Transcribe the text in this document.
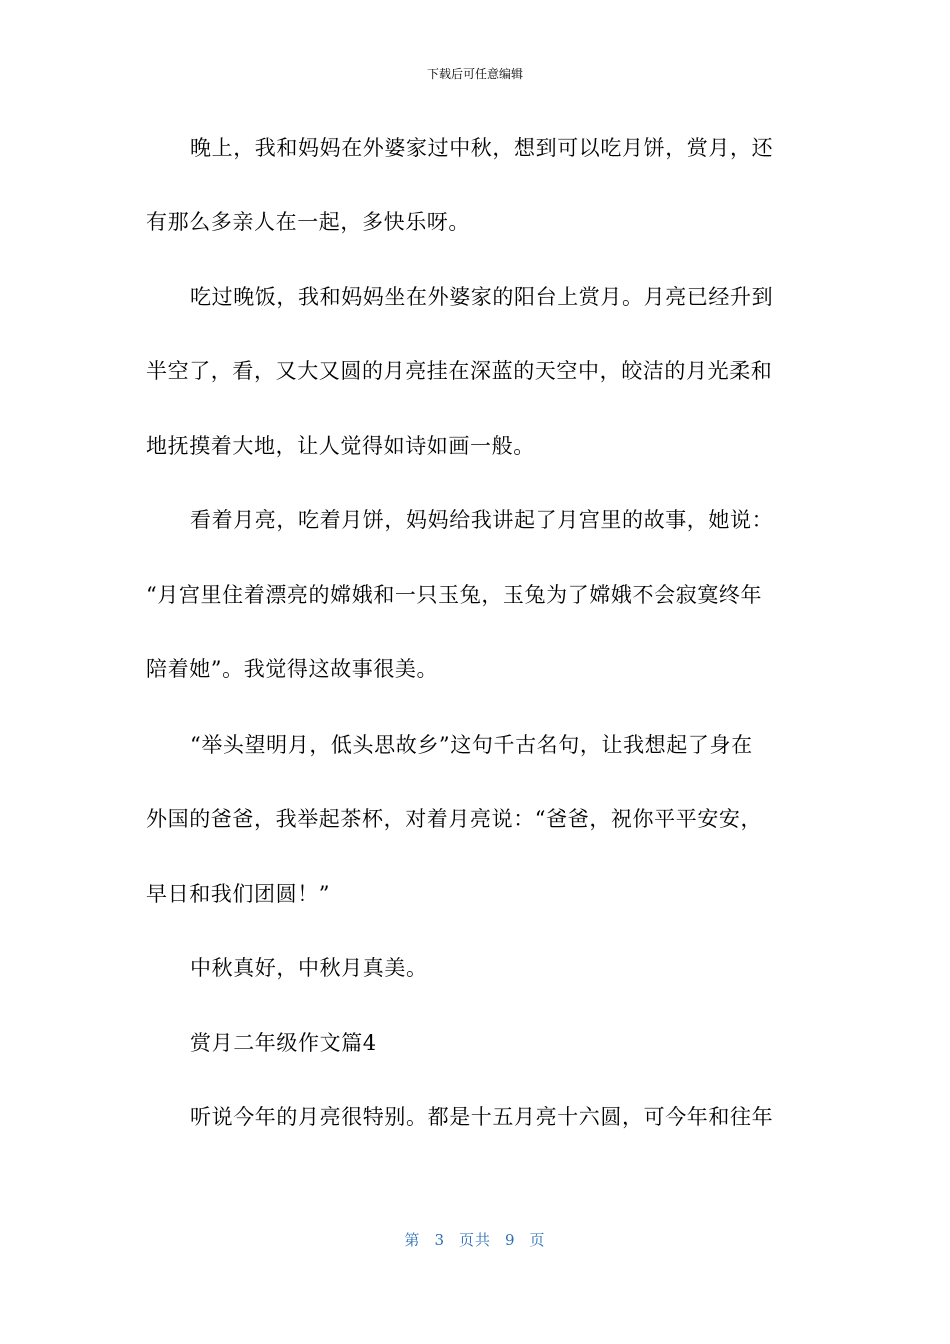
下载后可任意编辑
晚上，我和妈妈在外婆家过中秋，想到可以吃月饼，赏月，还
有那么多亲人在一起，多快乐呀。
吃过晚饭，我和妈妈坐在外婆家的阳台上赏月。月亮已经升到
半空了，看，又大又圆的月亮挂在深蓝的天空中，皎洁的月光柔和
地抚摸着大地，让人觉得如诗如画一般。
看着月亮，吃着月饼，妈妈给我讲起了月宫里的故事，她说：
“月宫里住着漂亮的嫦娥和一只玉兔，玉兔为了嫦娥不会寂寞终年
陪着她”。我觉得这故事很美。
“举头望明月，低头思故乡”这句千古名句，让我想起了身在
外国的爸爸，我举起茶杯，对着月亮说：“爸爸，祝你平平安安，
早日和我们团圆！”
中秋真好，中秋月真美。
赏月二年级作文篇4
听说今年的月亮很特别。都是十五月亮十六圆，可今年和往年
第 3 页共 9 页
